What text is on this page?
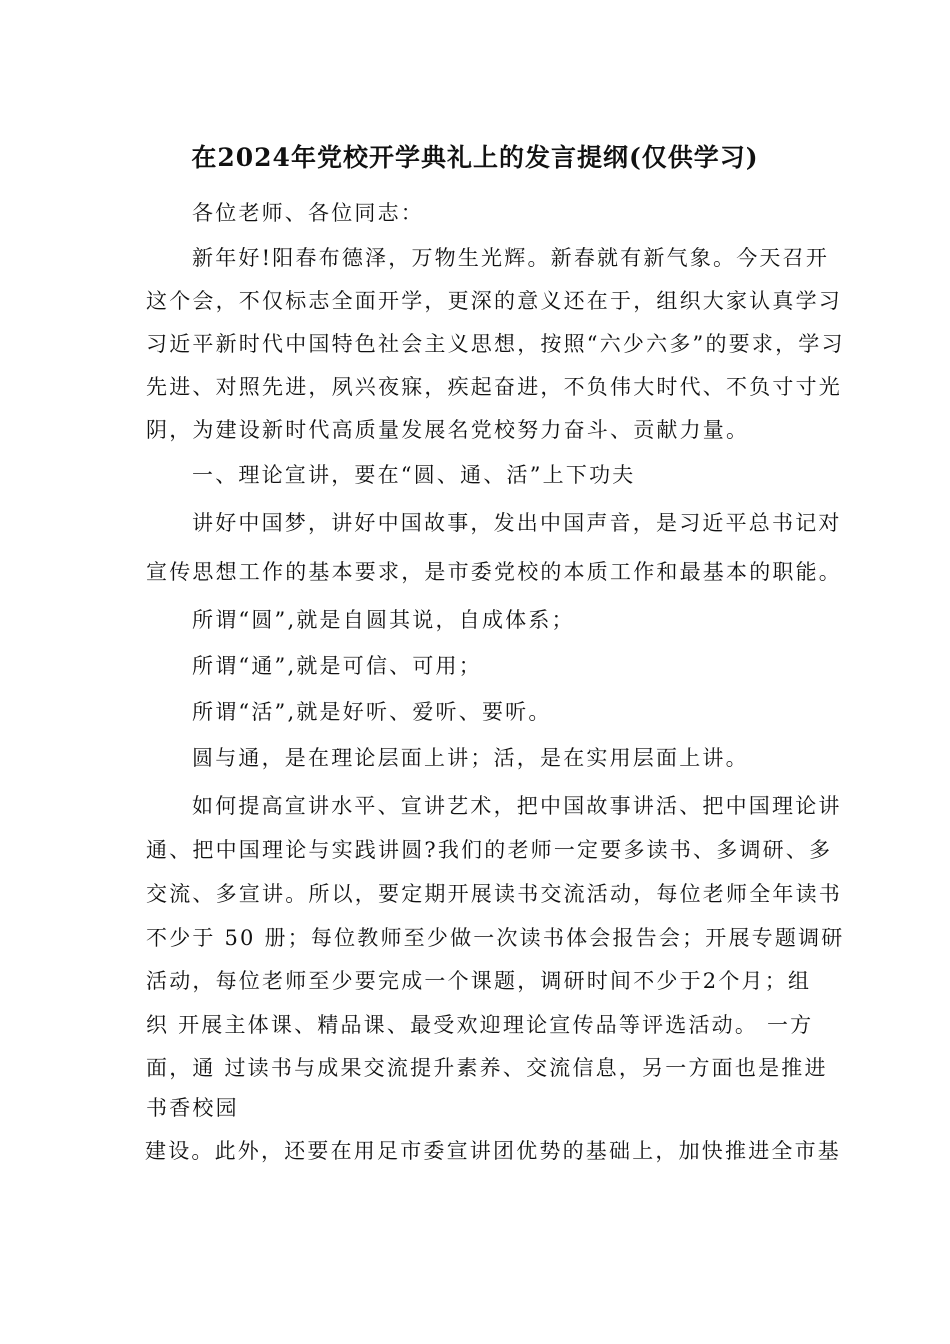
在2024年党校开学典礼上的发言提纲(仅供学习)
各位老师、各位同志：
新年好!阳春布德泽，万物生光辉。新春就有新气象。今天召开
这个会，不仅标志全面开学，更深的意义还在于，组织大家认真学习
习近平新时代中国特色社会主义思想，按照“六少六多”的要求，学习
先进、对照先进，夙兴夜寐，疾起奋进，不负伟大时代、不负寸寸光
阴，为建设新时代高质量发展名党校努力奋斗、贡献力量。
一、理论宣讲，要在“圆、通、活”上下功夫
讲好中国梦，讲好中国故事，发出中国声音，是习近平总书记对
宣传思想工作的基本要求，是市委党校的本质工作和最基本的职能。
所谓“圆”,就是自圆其说，自成体系；
所谓“通”,就是可信、可用；
所谓“活”,就是好听、爱听、要听。
圆与通，是在理论层面上讲；活，是在实用层面上讲。
如何提高宣讲水平、宣讲艺术，把中国故事讲活、把中国理论讲
通、把中国理论与实践讲圆?我们的老师一定要多读书、多调研、多
交流、多宣讲。所以，要定期开展读书交流活动，每位老师全年读书
不少于 50 册；每位教师至少做一次读书体会报告会；开展专题调研
活动，每位老师至少要完成一个课题，调研时间不少于2个月；组
织 开展主体课、精品课、最受欢迎理论宣传品等评选活动。 一方
面，通 过读书与成果交流提升素养、交流信息，另一方面也是推进
书香校园
建设。此外，还要在用足市委宣讲团优势的基础上，加快推进全市基
